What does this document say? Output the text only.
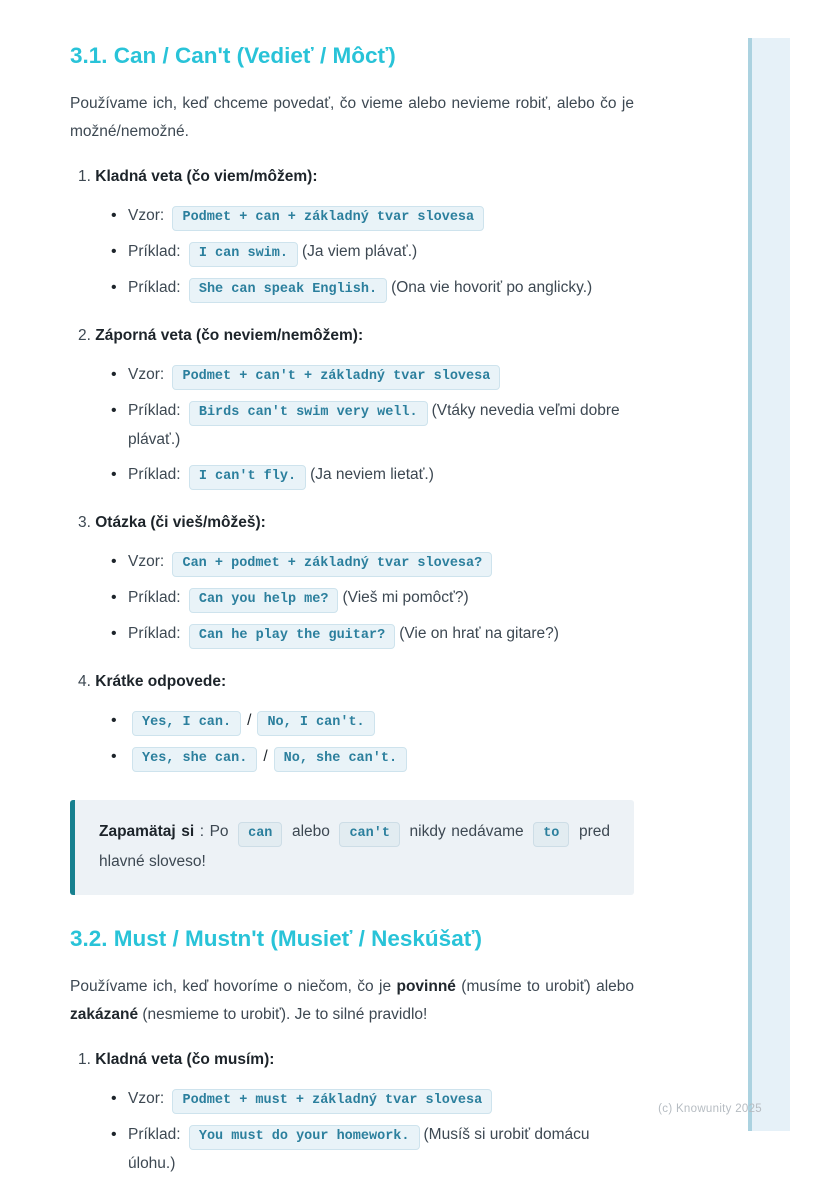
3.1. Can / Can't (Vedieť / Môcť)

Používame ich, keď chceme povedať, čo vieme alebo nevieme robiť, alebo čo je možné/nemožné.

1. Kladná veta (čo viem/môžem):

• Vzor: Podmet + can + základný tvar slovesa
• Príklad: I can swim. (Ja viem plávať.)
• Príklad: She can speak English. (Ona vie hovoriť po anglicky.)

2. Záporná veta (čo neviem/nemôžem):

• Vzor: Podmet + can't + základný tvar slovesa
• Príklad: Birds can't swim very well. (Vtáky nevedia veľmi dobre plávať.)
• Príklad: I can't fly. (Ja neviem lietať.)

3. Otázka (či vieš/môžeš):

• Vzor: Can + podmet + základný tvar slovesa?
• Príklad: Can you help me? (Vieš mi pomôcť?)
• Príklad: Can he play the guitar? (Vie on hrať na gitare?)

4. Krátke odpovede:

• Yes, I can. / No, I can't.
• Yes, she can. / No, she can't.

Zapamätaj si : Po can alebo can't nikdy nedávame to pred hlavné sloveso!

3.2. Must / Mustn't (Musieť / Neskúšať)

Používame ich, keď hovoríme o niečom, čo je povinné (musíme to urobiť) alebo zakázané (nesmieme to urobiť). Je to silné pravidlo!

1. Kladná veta (čo musím):

• Vzor: Podmet + must + základný tvar slovesa
• Príklad: You must do your homework. (Musíš si urobiť domácu úlohu.)
(c) Knowunity 2025
